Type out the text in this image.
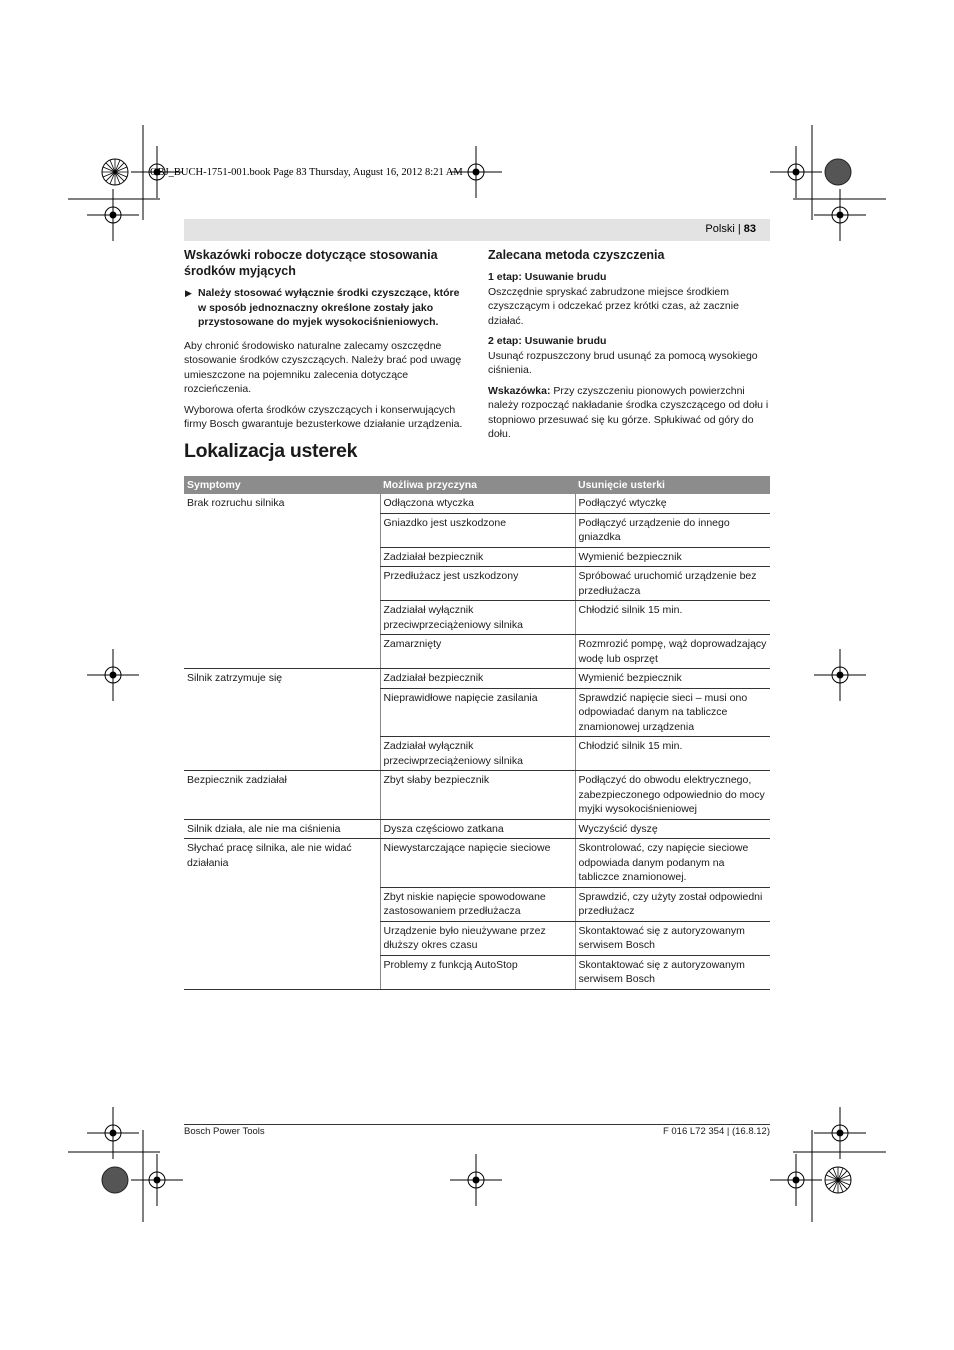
OBJ_BUCH-1751-001.book Page 83 Thursday, August 16, 2012 8:21 AM
Polski | 83
Wskazówki robocze dotyczące stosowania środków myjących
▶ Należy stosować wyłącznie środki czyszczące, które w sposób jednoznaczny określone zostały jako przystosowane do myjek wysokociśnieniowych.

Aby chronić środowisko naturalne zalecamy oszczędne stosowanie środków czyszczących. Należy brać pod uwagę umieszczone na pojemniku zalecenia dotyczące rozcieńczenia.

Wyborowa oferta środków czyszczących i konserwujących firmy Bosch gwarantuje bezusterkowe działanie urządzenia.

Zalecana metoda czyszczenia
1 etap: Usuwanie brudu
Oszczędnie spryskać zabrudzone miejsce środkiem czyszczącym i odczekać przez krótki czas, aż zacznie działać.
2 etap: Usuwanie brudu
Usunąć rozpuszczony brud usunąć za pomocą wysokiego ciśnienia.

Wskazówka: Przy czyszczeniu pionowych powierzchni należy rozpocząć nakładanie środka czyszczącego od dołu i stopniowo przesuwać się ku górze. Spłukiwać od góry do dołu.

Lokalizacja usterek
Symptomy	Możliwa przyczyna	Usunięcie usterki
Brak rozruchu silnika	Odłączona wtyczka	Podłączyć wtyczkę
	Gniazdko jest uszkodzone	Podłączyć urządzenie do innego gniazdka
	Zadziałał bezpiecznik	Wymienić bezpiecznik
	Przedłużacz jest uszkodzony	Spróbować uruchomić urządzenie bez przedłużacza
	Zadziałał wyłącznik przeciwprzeciążeniowy silnika	Chłodzić silnik 15 min.
	Zamarznięty	Rozmrozić pompę, wąż doprowadzający wodę lub osprzęt
Silnik zatrzymuje się	Zadziałał bezpiecznik	Wymienić bezpiecznik
	Nieprawidłowe napięcie zasilania	Sprawdzić napięcie sieci – musi ono odpowiadać danym na tabliczce znamionowej urządzenia
	Zadziałał wyłącznik przeciwprzeciążeniowy silnika	Chłodzić silnik 15 min.
Bezpiecznik zadziałał	Zbyt słaby bezpiecznik	Podłączyć do obwodu elektrycznego, zabezpieczonego odpowiednio do mocy myjki wysokociśnieniowej
Silnik działa, ale nie ma ciśnienia	Dysza częściowo zatkana	Wyczyścić dyszę
Słychać pracę silnika, ale nie widać działania	Niewystarczające napięcie sieciowe	Skontrolować, czy napięcie sieciowe odpowiada danym podanym na tabliczce znamionowej.
	Zbyt niskie napięcie spowodowane zastosowaniem przedłużacza	Sprawdzić, czy użyty został odpowiedni przedłużacz
	Urządzenie było nieużywane przez dłuższy okres czasu	Skontaktować się z autoryzowanym serwisem Bosch
	Problemy z funkcją AutoStop	Skontaktować się z autoryzowanym serwisem Bosch
Bosch Power Tools	F 016 L72 354 | (16.8.12)
